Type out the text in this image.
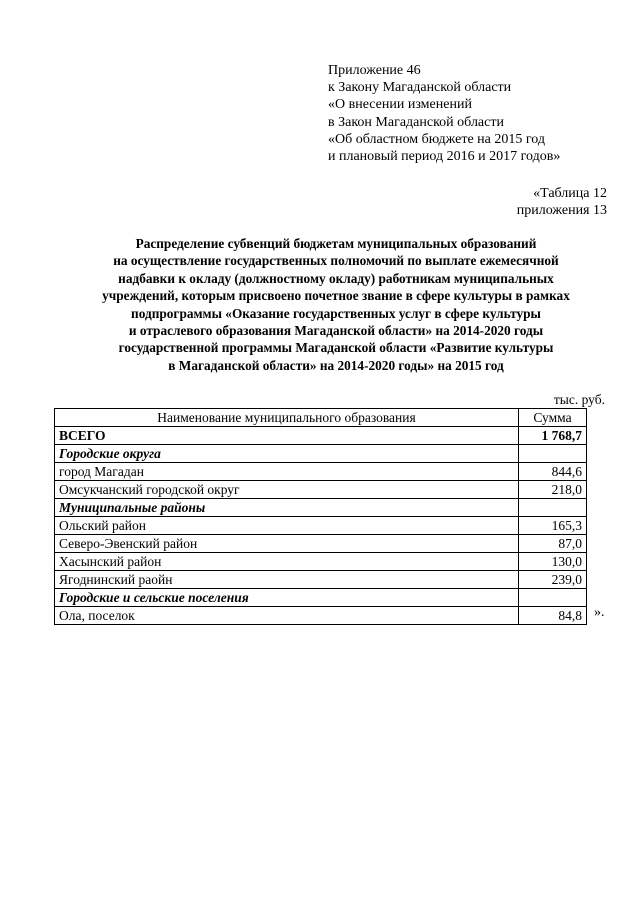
Приложение 46
к Закону Магаданской области
«О внесении изменений
в Закон Магаданской области
«Об областном бюджете на 2015 год
и плановый период 2016 и 2017 годов»
«Таблица 12
приложения 13
Распределение субвенций бюджетам муниципальных образований
на осуществление государственных полномочий по выплате ежемесячной
надбавки к окладу (должностному окладу) работникам муниципальных
учреждений, которым присвоено почетное звание в сфере культуры в рамках
подпрограммы «Оказание государственных услуг в сфере культуры
и отраслевого образования Магаданской области» на 2014-2020 годы
государственной программы Магаданской области «Развитие культуры
в Магаданской области» на 2014-2020 годы» на 2015 год
тыс. руб.
Наименование муниципального образования	Сумма
ВСЕГО	1 768,7
Городские округа	
город Магадан	844,6
Омсукчанский городской округ	218,0
Муниципальные районы	
Ольский район	165,3
Северо-Эвенский район	87,0
Хасынский район	130,0
Ягоднинский раойн	239,0
Городские и сельские поселения	
Ола, поселок	84,8 ».
